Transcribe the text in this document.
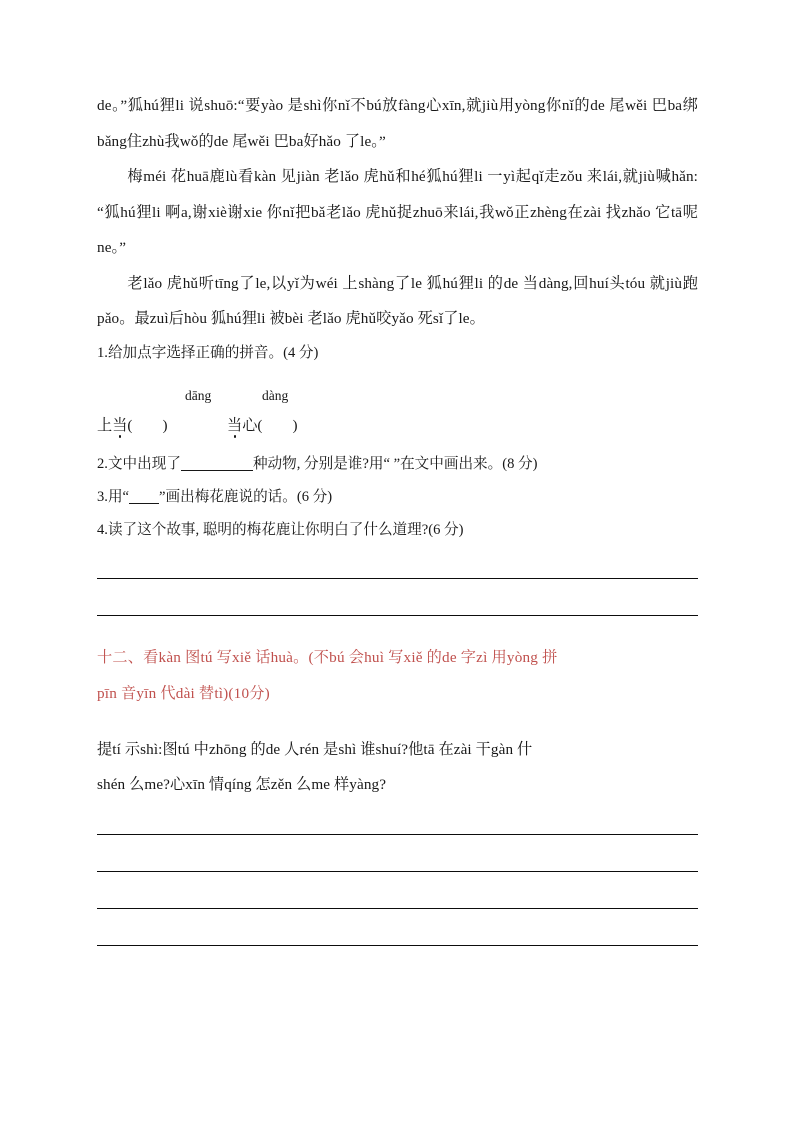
de。”狐hú狸li 说shuō:“要yào 是shì你nǐ不bú放fàng心xīn,就jiù用yòng你nǐ的de 尾wěi 巴ba绑bǎng住zhù我wǒ的de 尾wěi 巴ba好hǎo 了le。”

梅méi 花huā鹿lù看kàn 见jiàn 老lǎo 虎hǔ和hé狐hú狸li 一yì起qǐ走zǒu 来lái,就jiù喊hǎn:“狐hú狸li 啊a,谢xiè谢xie 你nǐ把bǎ老lǎo 虎hǔ捉zhuō来lái,我wǒ正zhèng在zài 找zhǎo 它tā呢ne。”

老lǎo 虎hǔ听tīng了le,以yǐ为wéi 上shàng了le 狐hú狸li 的de 当dàng,回huí头tóu 就jiù跑pǎo。最zuì后hòu 狐hú狸li 被bèi 老lǎo 虎hǔ咬yǎo 死sǐ了le。

1.给加点字选择正确的拼音。(4 分)

dāng	dàng
上当( )	当心( )

2.文中出现了	种动物, 分别是谁?用“ ”在文中画出来。(8 分)

3.用“ ”画出梅花鹿说的话。(6 分)

4.读了这个故事, 聪明的梅花鹿让你明白了什么道理?(6 分)

十二、看kàn 图tú 写xiě 话huà。(不bú 会huì 写xiě 的de 字zì 用yòng 拼

pīn 音yīn 代dài 替tì)(10分)

提tí 示shì:图tú 中zhōng 的de 人rén 是shì 谁shuí?他tā 在zài 干gàn 什

shén 么me?心xīn 情qíng 怎zěn 么me 样yàng?
